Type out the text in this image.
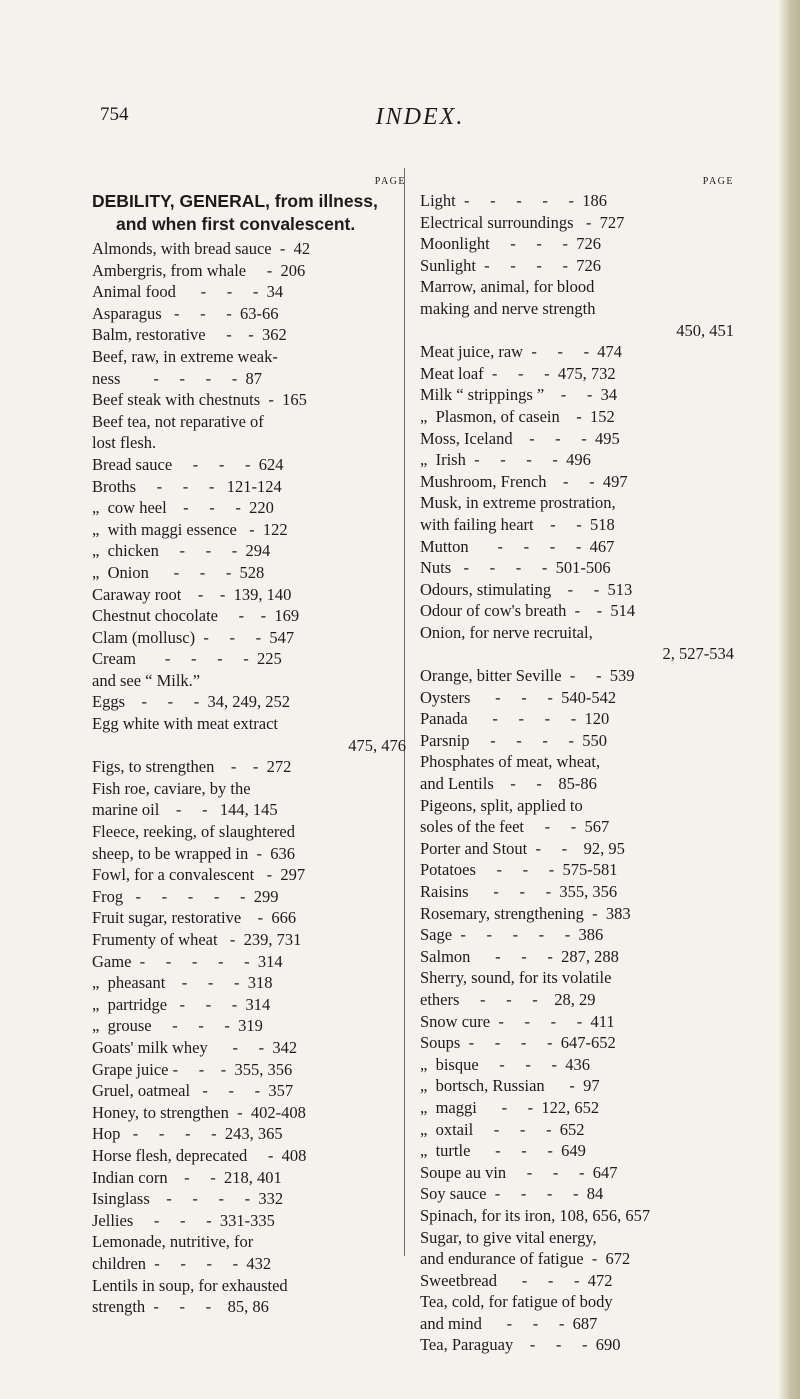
754	INDEX.
PAGE
DEBILITY, GENERAL, from illness, and when first convalescent.
Almonds, with bread sauce  -  42
Ambergris, from whale     -  206
Animal food      -     -     -  34
Asparagus   -     -     -  63-66
Balm, restorative     -    -  362
Beef, raw, in extreme weak-
ness        -     -     -     -  87
Beef steak with chestnuts  -  165
Beef tea, not reparative of
lost flesh.
Bread sauce     -     -     -  624
Broths     -     -     -   121-124
„  cow heel    -     -     -  220
„  with maggi essence   -  122
„  chicken     -     -     -  294
„  Onion      -     -     -  528
Caraway root    -    -  139, 140
Chestnut chocolate     -    -  169
Clam (mollusc)  -     -     -  547
Cream       -     -     -     -  225
and see “ Milk.”
Eggs    -     -     -  34, 249, 252
Egg white with meat extract
475, 476
Figs, to strengthen    -    -  272
Fish roe, caviare, by the
marine oil    -     -   144, 145
Fleece, reeking, of slaughtered
sheep, to be wrapped in  -  636
Fowl, for a convalescent   -  297
Frog   -     -     -     -     -  299
Fruit sugar, restorative    -  666
Frumenty of wheat   -  239, 731
Game  -     -     -     -     -  314
„  pheasant    -     -     -  318
„  partridge   -     -     -  314
„  grouse     -     -     -  319
Goats' milk whey      -     -  342
Grape juice -     -    -  355, 356
Gruel, oatmeal   -     -     -  357
Honey, to strengthen  -  402-408
Hop   -     -     -     -  243, 365
Horse flesh, deprecated     -  408
Indian corn    -     -  218, 401
Isinglass    -     -     -     -  332
Jellies     -     -     -  331-335
Lemonade, nutritive, for
children  -     -     -     -  432
Lentils in soup, for exhausted
strength  -     -     -    85, 86
PAGE
Light  -     -     -     -     -  186
Electrical surroundings   -  727
Moonlight     -     -     -  726
Sunlight  -     -     -     -  726
Marrow, animal, for blood
making and nerve strength
450, 451
Meat juice, raw  -     -     -  474
Meat loaf  -     -     -  475, 732
Milk “ strippings ”    -     -  34
„  Plasmon, of casein    -  152
Moss, Iceland    -     -     -  495
„  Irish  -     -     -     -  496
Mushroom, French    -     -  497
Musk, in extreme prostration,
with failing heart    -     -  518
Mutton       -     -     -     -  467
Nuts   -     -     -     -  501-506
Odours, stimulating    -     -  513
Odour of cow's breath  -    -  514
Onion, for nerve recruital,
2, 527-534
Orange, bitter Seville  -     -  539
Oysters      -     -     -  540-542
Panada      -     -     -     -  120
Parsnip     -     -     -     -  550
Phosphates of meat, wheat,
and Lentils    -     -    85-86
Pigeons, split, applied to
soles of the feet     -     -  567
Porter and Stout  -     -    92, 95
Potatoes     -     -     -  575-581
Raisins      -     -     -  355, 356
Rosemary, strengthening  -  383
Sage  -     -     -     -     -  386
Salmon      -     -     -  287, 288
Sherry, sound, for its volatile
ethers     -     -     -    28, 29
Snow cure  -     -     -     -  411
Soups  -     -     -     -  647-652
„  bisque     -     -     -  436
„  bortsch, Russian      -  97
„  maggi      -     -  122, 652
„  oxtail     -     -     -  652
„  turtle      -     -     -  649
Soupe au vin     -     -     -  647
Soy sauce  -     -     -     -  84
Spinach, for its iron, 108, 656, 657
Sugar, to give vital energy,
and endurance of fatigue  -  672
Sweetbread      -     -     -  472
Tea, cold, for fatigue of body
and mind      -     -     -  687
Tea, Paraguay    -     -     -  690
